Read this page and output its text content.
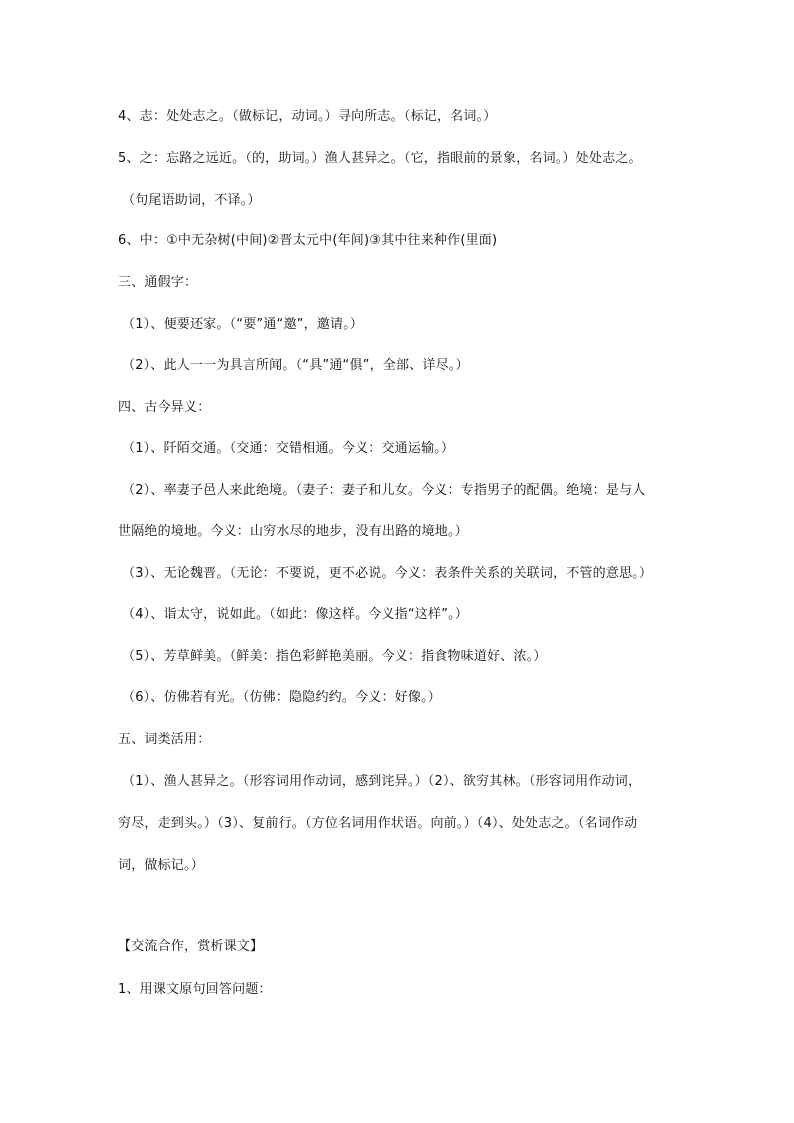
4、志：处处志之。（做标记，动词。）寻向所志。（标记，名词。）
5、之：忘路之远近。（的，助词。）渔人甚异之。（它，指眼前的景象，名词。）处处志之。
（句尾语助词，不译。）
6、中：①中无杂树(中间)②晋太元中(年间)③其中往来种作(里面)
三、通假字：
（1）、便要还家。（“要”通“邀”，邀请。）
（2）、此人一一为具言所闻。（“具”通“俱”，全部、详尽。）
四、古今异义：
（1）、阡陌交通。（交通：交错相通。今义：交通运输。）
（2）、率妻子邑人来此绝境。（妻子：妻子和儿女。今义：专指男子的配偶。绝境：是与人
世隔绝的境地。今义：山穷水尽的地步，没有出路的境地。）
（3）、无论魏晋。（无论：不要说，更不必说。今义：表条件关系的关联词，不管的意思。）
（4）、诣太守，说如此。（如此：像这样。今义指“这样”。）
（5）、芳草鲜美。（鲜美：指色彩鲜艳美丽。今义：指食物味道好、浓。）
（6）、仿佛若有光。（仿佛：隐隐约约。今义：好像。）
五、词类活用：
（1）、渔人甚异之。（形容词用作动词，感到诧异。）（2）、欲穷其林。（形容词用作动词，
穷尽，走到头。）（3）、复前行。（方位名词用作状语。向前。）（4）、处处志之。（名词作动
词，做标记。）
【交流合作，赏析课文】
1、用课文原句回答问题：
